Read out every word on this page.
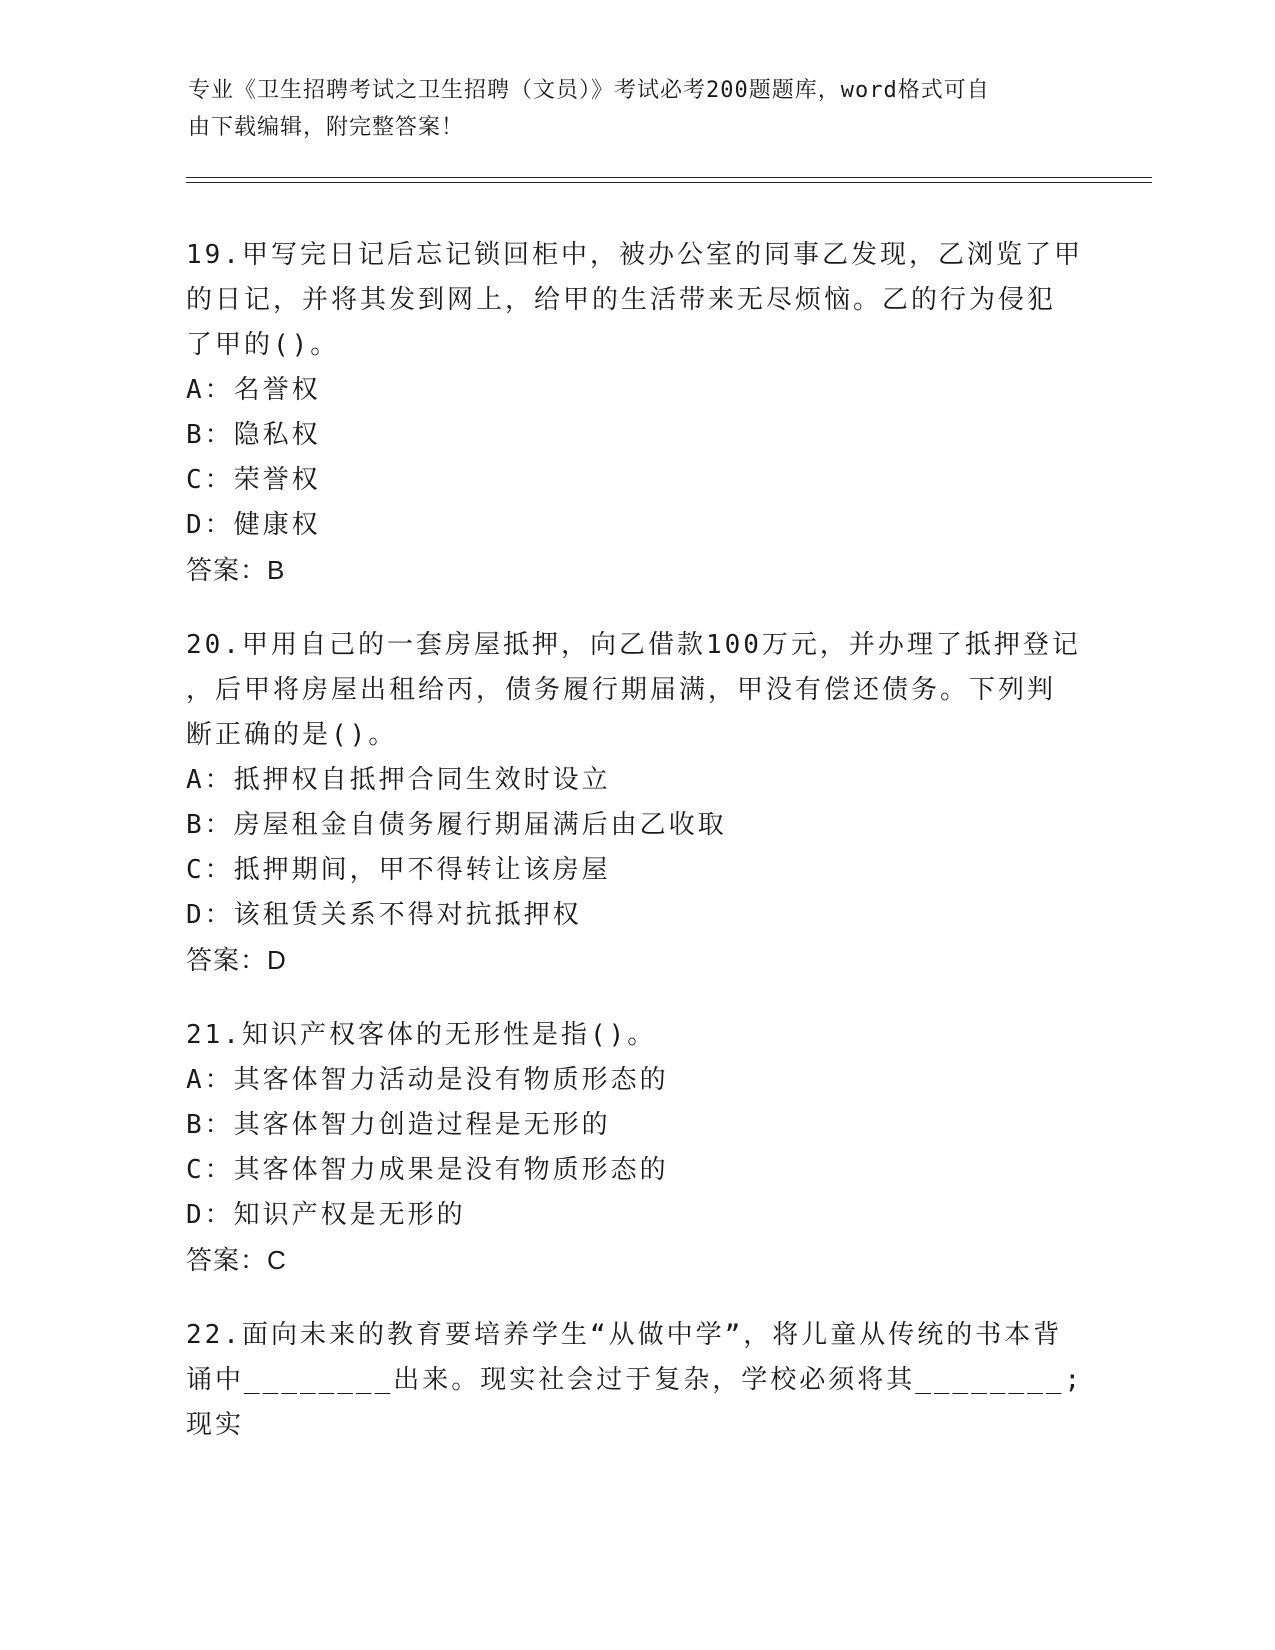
专业《卫生招聘考试之卫生招聘（文员）》考试必考200题题库，word格式可自
由下载编辑，附完整答案！
19.甲写完日记后忘记锁回柜中，被办公室的同事乙发现，乙浏览了甲
的日记，并将其发到网上，给甲的生活带来无尽烦恼。乙的行为侵犯
了甲的()。
A：名誉权
B：隐私权
C：荣誉权
D：健康权
答案：B
20.甲用自己的一套房屋抵押，向乙借款100万元，并办理了抵押登记
，后甲将房屋出租给丙，债务履行期届满，甲没有偿还债务。下列判
断正确的是()。
A：抵押权自抵押合同生效时设立
B：房屋租金自债务履行期届满后由乙收取
C：抵押期间，甲不得转让该房屋
D：该租赁关系不得对抗抵押权
答案：D
21.知识产权客体的无形性是指()。
A：其客体智力活动是没有物质形态的
B：其客体智力创造过程是无形的
C：其客体智力成果是没有物质形态的
D：知识产权是无形的
答案：C
22.面向未来的教育要培养学生“从做中学”，将儿童从传统的书本背
诵中________出来。现实社会过于复杂，学校必须将其________;现实
